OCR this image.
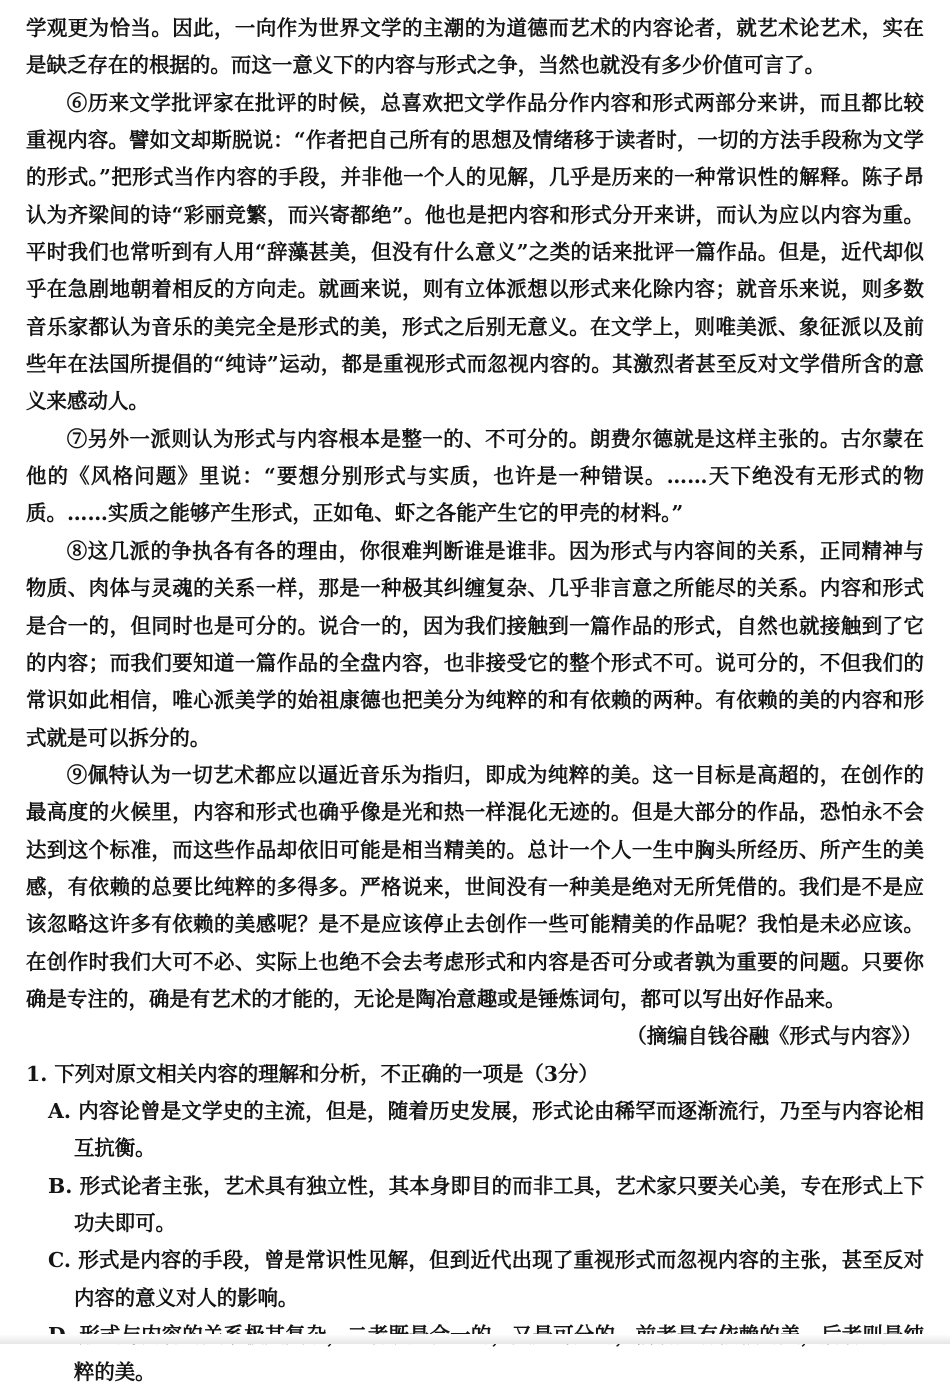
学观更为恰当。因此，一向作为世界文学的主潮的为道德而艺术的内容论者，就艺术论艺术，实在是缺乏存在的根据的。而这一意义下的内容与形式之争，当然也就没有多少价值可言了。

⑥历来文学批评家在批评的时候，总喜欢把文学作品分作内容和形式两部分来讲，而且都比较重视内容。譬如文却斯脱说：“作者把自己所有的思想及情绪移于读者时，一切的方法手段称为文学的形式。”把形式当作内容的手段，并非他一个人的见解，几乎是历来的一种常识性的解释。陈子昂认为齐梁间的诗“彩丽竞繁，而兴寄都绝”。他也是把内容和形式分开来讲，而认为应以内容为重。平时我们也常听到有人用“辞藻甚美，但没有什么意义”之类的话来批评一篇作品。但是，近代却似乎在急剧地朝着相反的方向走。就画来说，则有立体派想以形式来化除内容；就音乐来说，则多数音乐家都认为音乐的美完全是形式的美，形式之后别无意义。在文学上，则唯美派、象征派以及前些年在法国所提倡的“纯诗”运动，都是重视形式而忽视内容的。其激烈者甚至反对文学借所含的意义来感动人。

⑦另外一派则认为形式与内容根本是整一的、不可分的。朗费尔德就是这样主张的。古尔蒙在他的《风格问题》里说：“要想分别形式与实质，也许是一种错误。……天下绝没有无形式的物质。……实质之能够产生形式，正如龟、虾之各能产生它的甲壳的材料。”

⑧这几派的争执各有各的理由，你很难判断谁是谁非。因为形式与内容间的关系，正同精神与物质、肉体与灵魂的关系一样，那是一种极其纠缠复杂、几乎非言意之所能尽的关系。内容和形式是合一的，但同时也是可分的。说合一的，因为我们接触到一篇作品的形式，自然也就接触到了它的内容；而我们要知道一篇作品的全盘内容，也非接受它的整个形式不可。说可分的，不但我们的常识如此相信，唯心派美学的始祖康德也把美分为纯粹的和有依赖的两种。有依赖的美的内容和形式就是可以拆分的。

⑨佩特认为一切艺术都应以逼近音乐为指归，即成为纯粹的美。这一目标是高超的，在创作的最高度的火候里，内容和形式也确乎像是光和热一样混化无迹的。但是大部分的作品，恐怕永不会达到这个标准，而这些作品却依旧可能是相当精美的。总计一个人一生中胸头所经历、所产生的美感，有依赖的总要比纯粹的多得多。严格说来，世间没有一种美是绝对无所凭借的。我们是不是应该忽略这许多有依赖的美感呢？是不是应该停止去创作一些可能精美的作品呢？我怕是未必应该。在创作时我们大可不必、实际上也绝不会去考虑形式和内容是否可分或者孰为重要的问题。只要你确是专注的，确是有艺术的才能的，无论是陶冶意趣或是锤炼词句，都可以写出好作品来。

（摘编自钱谷融《形式与内容》）

1. 下列对原文相关内容的理解和分析，不正确的一项是（3分）

A. 内容论曾是文学史的主流，但是，随着历史发展，形式论由稀罕而逐渐流行，乃至与内容论相互抗衡。
B. 形式论者主张，艺术具有独立性，其本身即目的而非工具，艺术家只要关心美，专在形式上下功夫即可。
C. 形式是内容的手段，曾是常识性见解，但到近代出现了重视形式而忽视内容的主张，甚至反对内容的意义对人的影响。
粹的美。
